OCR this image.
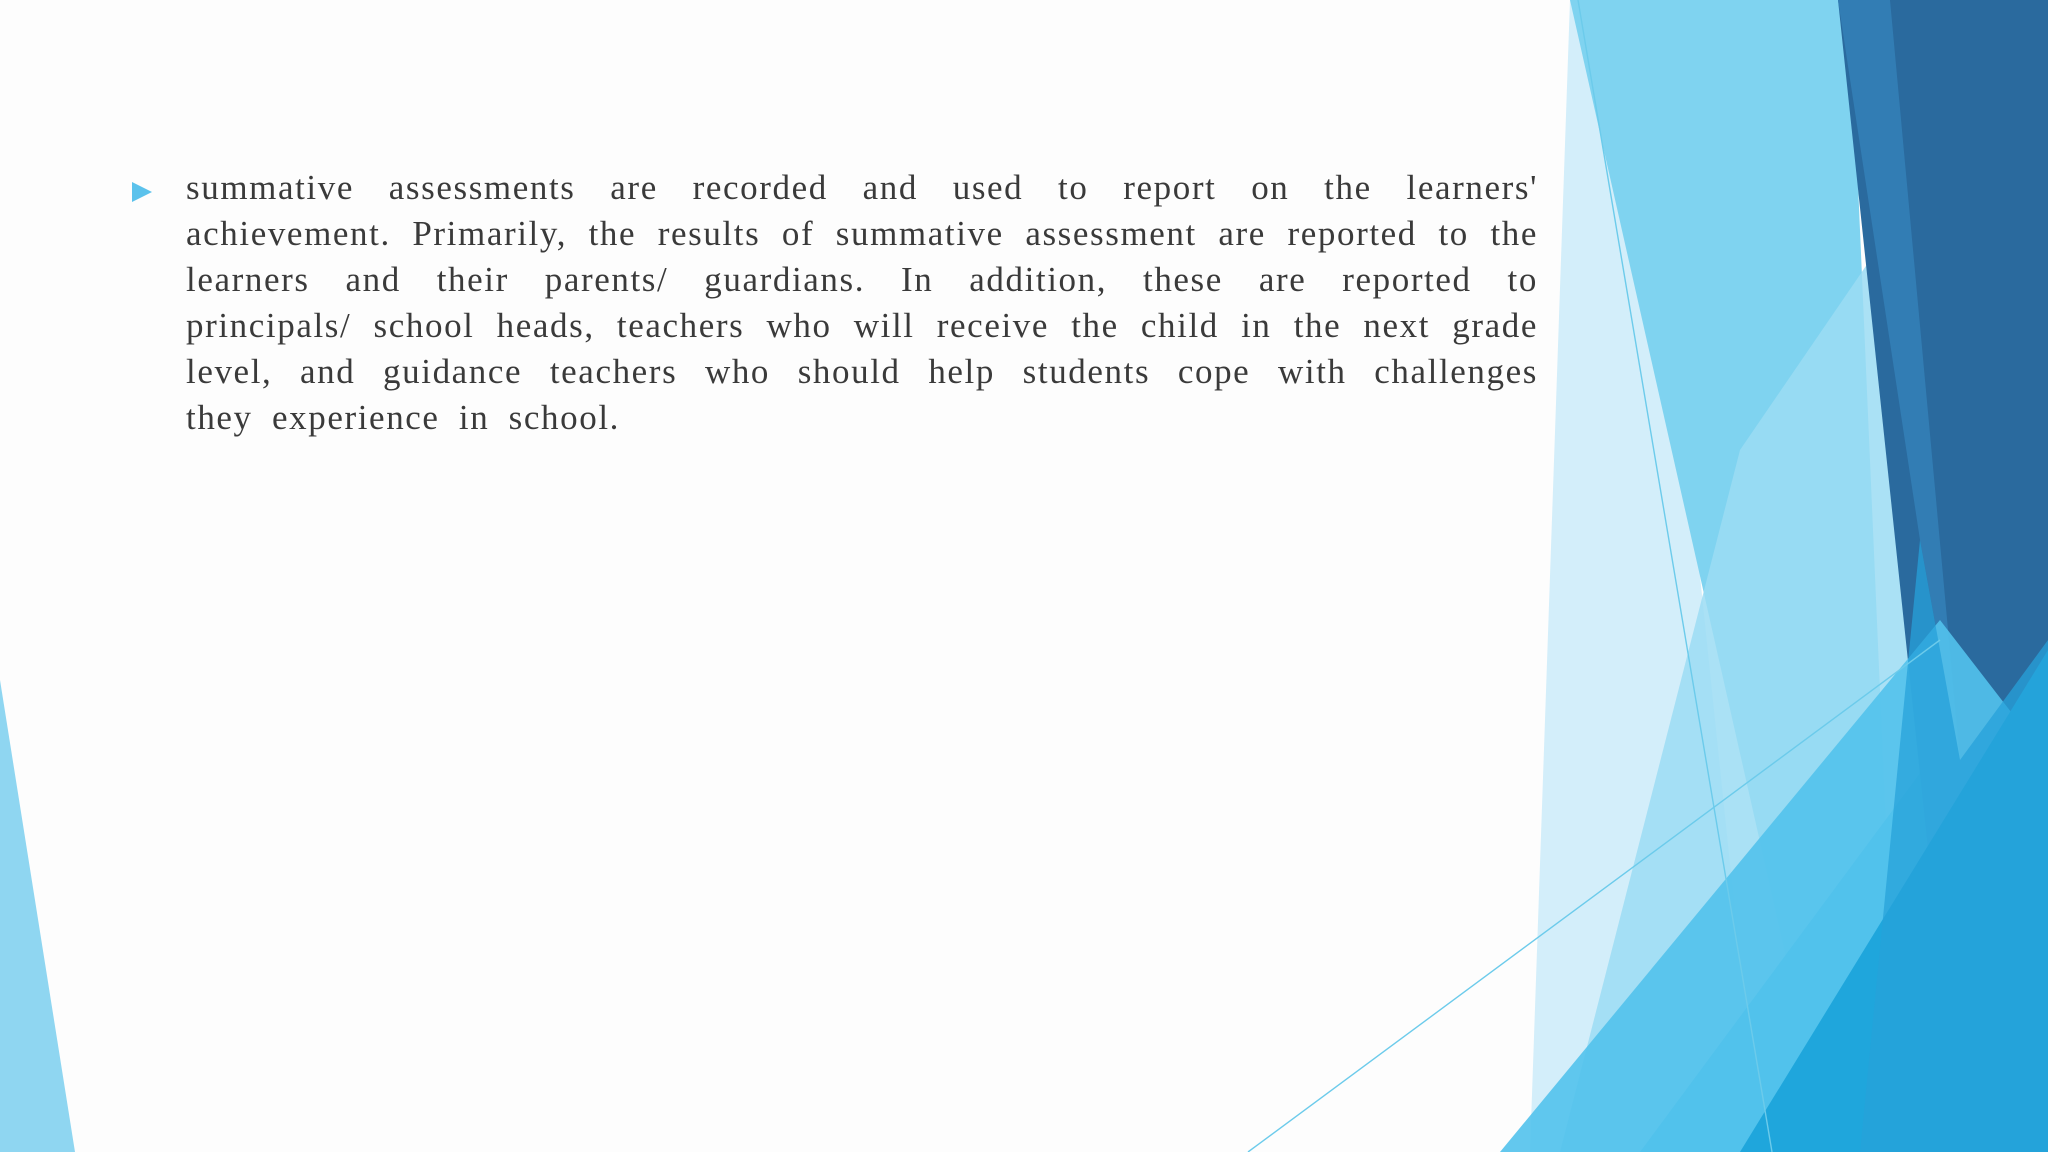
summative assessments are recorded and used to report on the learners' achievement. Primarily, the results of summative assessment are reported to the learners and their parents/ guardians. In addition, these are reported to principals/ school heads, teachers who will receive the child in the next grade level, and guidance teachers who should help students cope with challenges they experience in school.
